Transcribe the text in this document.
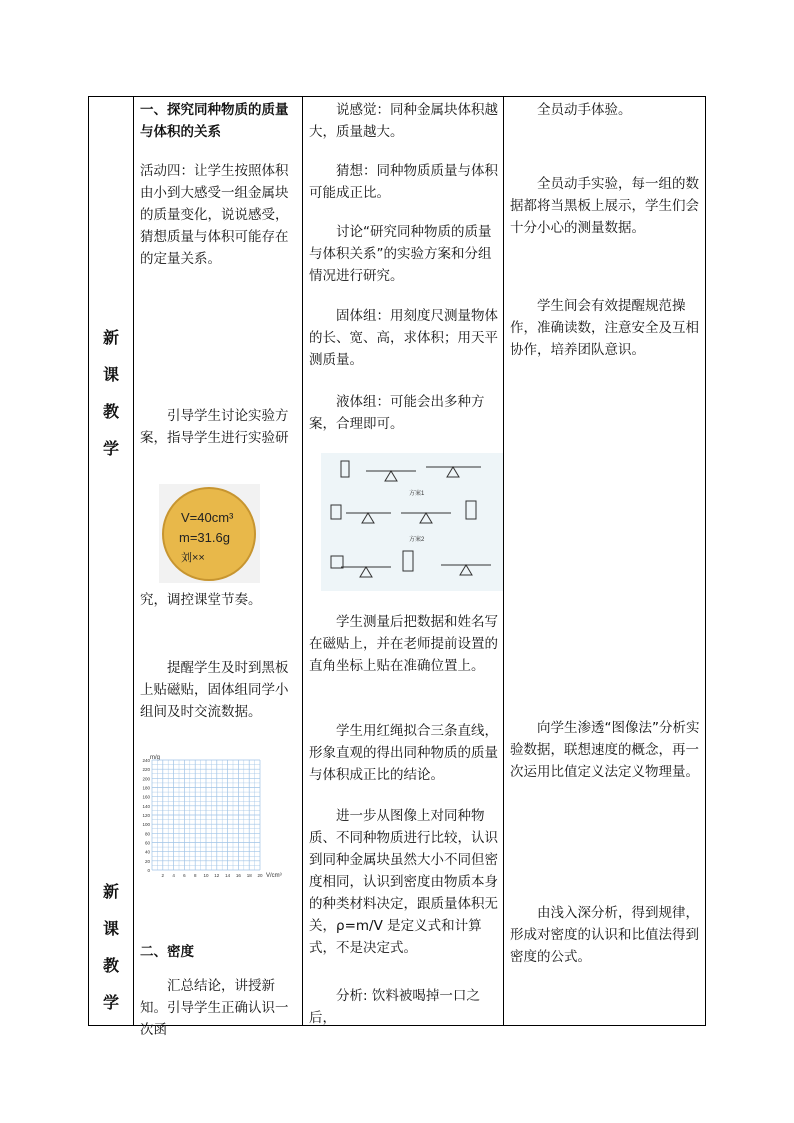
新
课
教
学
新
课
教
学
一、探究同种物质的质量与体积的关系
活动四：让学生按照体积由小到大感受一组金属块的质量变化，说说感受，猜想质量与体积可能存在的定量关系。
引导学生讨论实验方案，指导学生进行实验研
V=40cm³
m=31.6g
刘××
究，调控课堂节奏。
提醒学生及时到黑板上贴磁贴，固体组同学小组间及时交流数据。
m/g
V/cm³
240
220
200
180
160
140
120
100
80
60
40
20
0
2 4 6 8 10 12 14 16 18 20
二、密度
汇总结论，讲授新知。引导学生正确认识一次函
说感觉：同种金属块体积越大，质量越大。
猜想：同种物质质量与体积可能成正比。
讨论“研究同种物质的质量与体积关系”的实验方案和分组情况进行研究。
固体组：用刻度尺测量物体的长、宽、高，求体积；用天平测质量。
液体组：可能会出多种方案，合理即可。
方案1
方案2
学生测量后把数据和姓名写在磁贴上，并在老师提前设置的直角坐标上贴在准确位置上。
学生用红绳拟合三条直线，形象直观的得出同种物质的质量与体积成正比的结论。
进一步从图像上对同种物质、不同种物质进行比较，认识到同种金属块虽然大小不同但密度相同，认识到密度由物质本身的种类材料决定，跟质量体积无关，ρ=m/V 是定义式和计算式，不是决定式。
分析: 饮料被喝掉一口之后，
全员动手体验。
全员动手实验，每一组的数据都将当黑板上展示，学生们会十分小心的测量数据。
学生间会有效提醒规范操作，准确读数，注意安全及互相协作，培养团队意识。
向学生渗透“图像法”分析实验数据，联想速度的概念，再一次运用比值定义法定义物理量。
由浅入深分析，得到规律，形成对密度的认识和比值法得到密度的公式。
